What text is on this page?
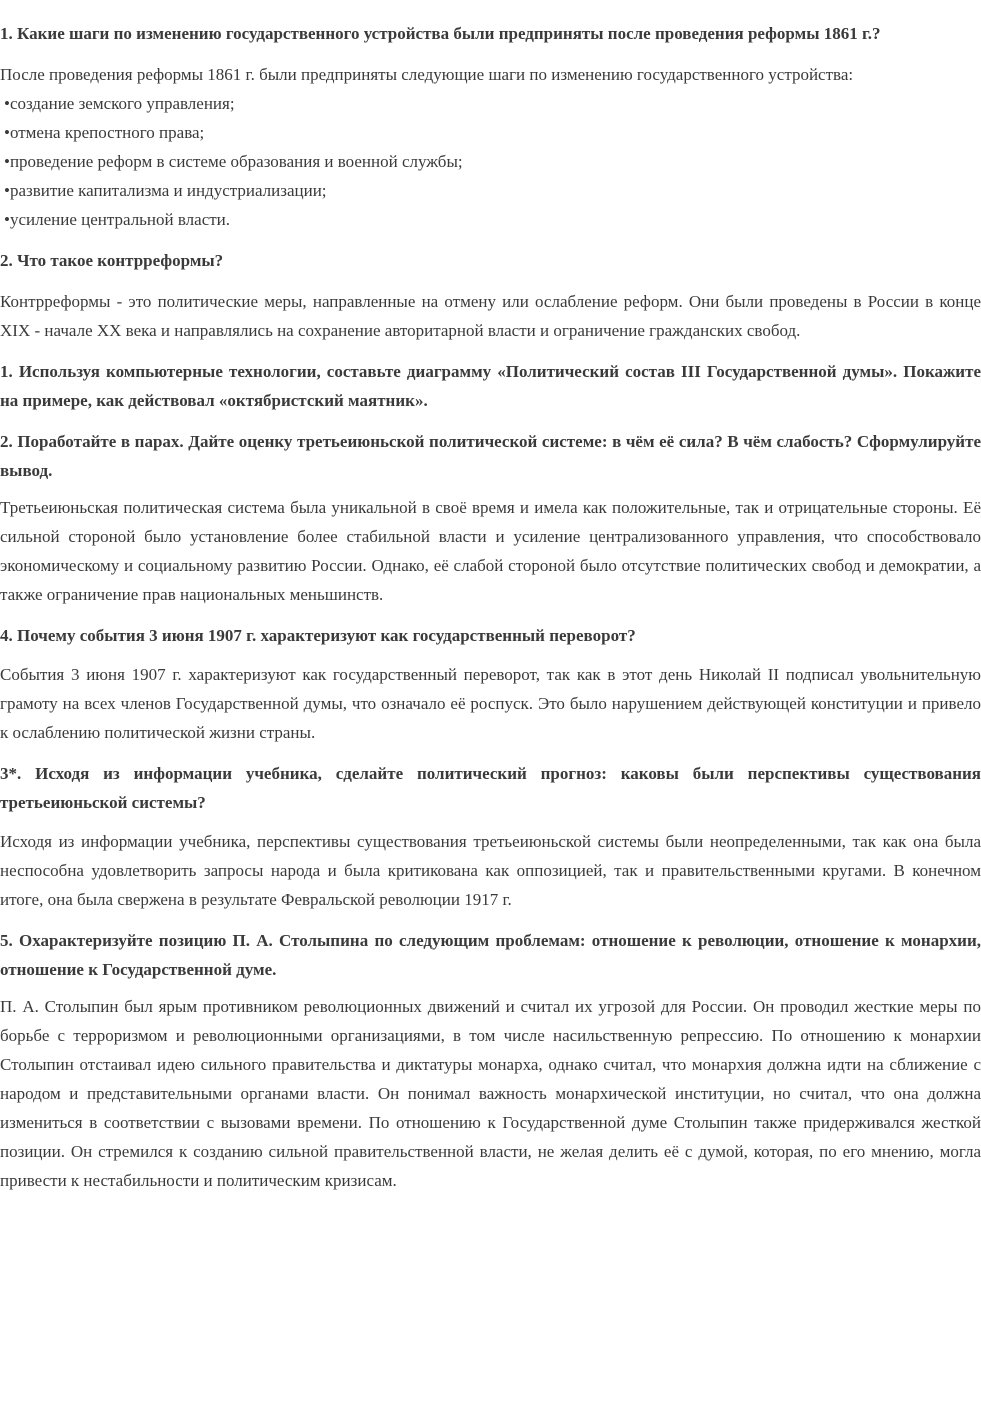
1. Какие шаги по изменению государственного устройства были предприняты после проведения реформы 1861 г.?

После проведения реформы 1861 г. были предприняты следующие шаги по изменению государственного устройства:

• создание земского управления;
• отмена крепостного права;
• проведение реформ в системе образования и военной службы;
• развитие капитализма и индустриализации;
• усиление центральной власти.
2. Что такое контрреформы?

Контрреформы - это политические меры, направленные на отмену или ослабление реформ. Они были проведены в России в конце XIX - начале XX века и направлялись на сохранение авторитарной власти и ограничение гражданских свобод.

1. Используя компьютерные технологии, составьте диаграмму «Политический состав III Государственной думы». Покажите на примере, как действовал «октябристский маятник».
2. Поработайте в парах. Дайте оценку третьеиюньской политической системе: в чём её сила? В чём слабость? Сформулируйте вывод.

Третьеиюньская политическая система была уникальной в своё время и имела как положительные, так и отрицательные стороны. Её сильной стороной было установление более стабильной власти и усиление централизованного управления, что способствовало экономическому и социальному развитию России. Однако, её слабой стороной было отсутствие политических свобод и демократии, а также ограничение прав национальных меньшинств.

4. Почему события 3 июня 1907 г. характеризуют как государственный переворот?

События 3 июня 1907 г. характеризуют как государственный переворот, так как в этот день Николай II подписал увольнительную грамоту на всех членов Государственной думы, что означало её роспуск. Это было нарушением действующей конституции и привело к ослаблению политической жизни страны.

3*. Исходя из информации учебника, сделайте политический прогноз: каковы были перспективы существования третьеиюньской системы?

Исходя из информации учебника, перспективы существования третьеиюньской системы были неопределенными, так как она была неспособна удовлетворить запросы народа и была критикована как оппозицией, так и правительственными кругами. В конечном итоге, она была свержена в результате Февральской революции 1917 г.

5. Охарактеризуйте позицию П. А. Столыпина по следующим проблемам: отношение к революции, отношение к монархии, отношение к Государственной думе.

П. А. Столыпин был ярым противником революционных движений и считал их угрозой для России. Он проводил жесткие меры по борьбе с терроризмом и революционными организациями, в том числе насильственную репрессию. По отношению к монархии Столыпин отстаивал идею сильного правительства и диктатуры монарха, однако считал, что монархия должна идти на сближение с народом и представительными органами власти. Он понимал важность монархической институции, но считал, что она должна измениться в соответствии с вызовами времени. По отношению к Государственной думе Столыпин также придерживался жесткой позиции. Он стремился к созданию сильной правительственной власти, не желая делить её с думой, которая, по его мнению, могла привести к нестабильности и политическим кризисам.
